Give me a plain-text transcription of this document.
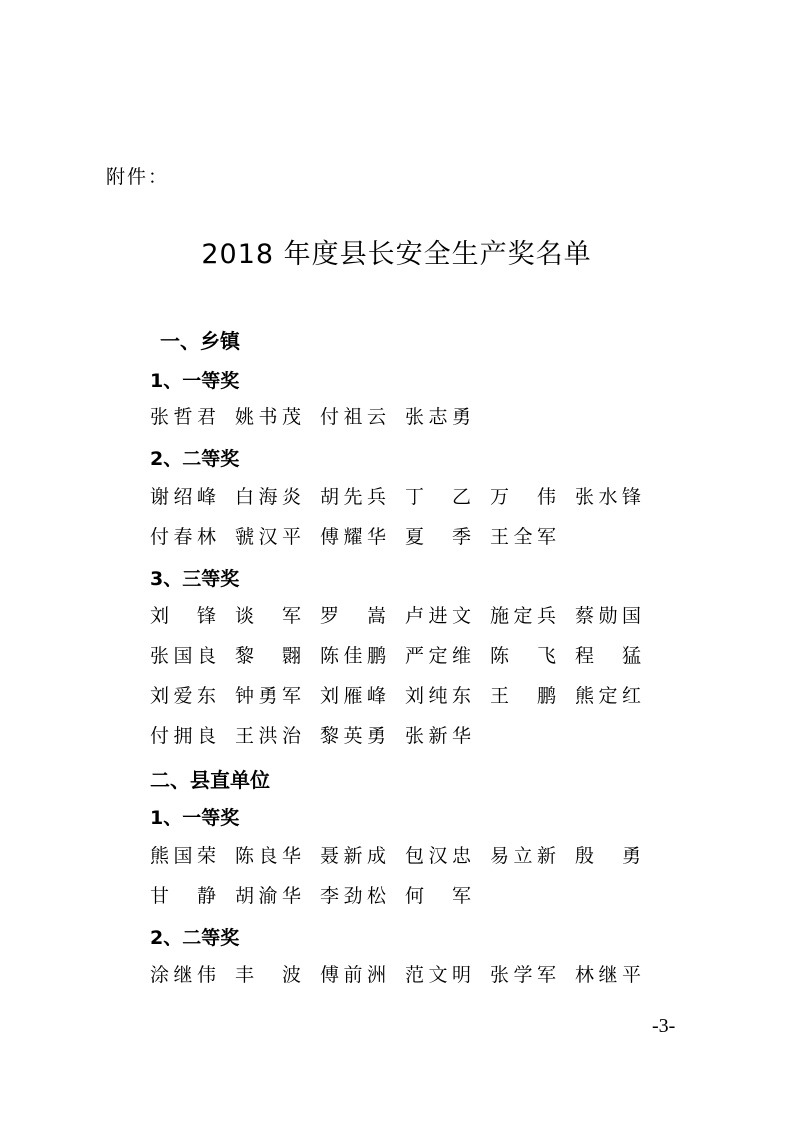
附件：
2018 年度县长安全生产奖名单
一、乡镇
1、一等奖
张 哲 君 姚 书 茂 付 祖 云 张 志 勇
2、二等奖
谢 绍 峰 白 海 炎 胡 先 兵 丁 乙 万 伟 张 水 锋
付 春 林 虢 汉 平 傅 耀 华 夏 季 王 全 军
3、三等奖
刘 锋 谈 军 罗 嵩 卢 进 文 施 定 兵 蔡 勋 国
张 国 良 黎 翾 陈 佳 鹏 严 定 维 陈 飞 程 猛
刘 爱 东 钟 勇 军 刘 雁 峰 刘 纯 东 王 鹏 熊 定 红
付 拥 良 王 洪 治 黎 英 勇 张 新 华
二、县直单位
1、一等奖
熊 国 荣 陈 良 华 聂 新 成 包 汉 忠 易 立 新 殷 勇
甘 静 胡 渝 华 李 劲 松 何 军
2、二等奖
涂 继 伟 丰 波 傅 前 洲 范 文 明 张 学 军 林 继 平
-3-
